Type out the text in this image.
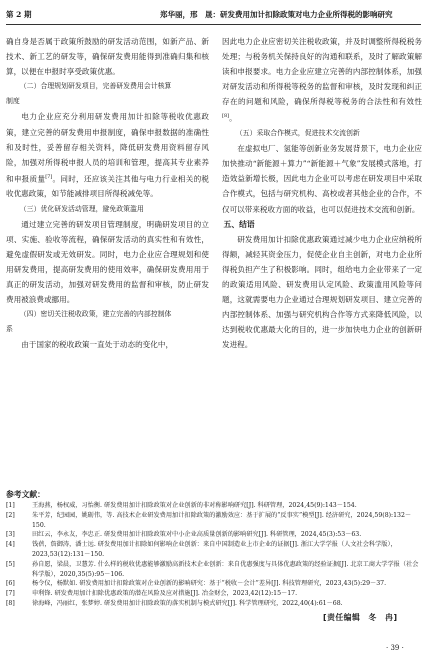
第 2 期	郑华丽，邢　晟：研发费用加计扣除政策对电力企业所得税的影响研究

确自身是否属于政策所鼓励的研发活动范围，如新产品、新技术、新工艺的研发等，确保研发费用能得到准确归集和核算，以便在申报时享受政策优惠。

（二）合理规划研发项目，完善研发费用会计核算

制度

电力企业应充分利用研发费用加计扣除等税收优惠政策，建立完善的研发费用申报制度，确保申报数据的准确性和及时性，妥善留存相关资料，降低研发费用资料留存风险，加强对所得税申报人员的培训和管理，提高其专业素养和申报质量[7]。同时，还应该关注其他与电力行业相关的税收优惠政策，如节能减排项目所得税减免等。

（三）优化研发活动管理，避免政策滥用

通过建立完善的研发项目管理制度，明确研发项目的立项、实施、验收等流程，确保研发活动的真实性和有效性，避免虚假研发或无效研发。同时，电力企业应合理规划和使用研发费用，提高研发费用的使用效率，确保研发费用用于真正的研发活动，加强对研发费用的监督和审核，防止研发费用被浪费或挪用。

（四）密切关注税收政策，建立完善的内部控制体

系

由于国家的税收政策一直处于动态的变化中，

因此电力企业应密切关注税收政策，并及时调整所得税税务处理；与税务机关保持良好的沟通和联系，及时了解政策解读和申报要求。电力企业应建立完善的内部控制体系，加强对研发活动和所得税等税务的监督和审核，及时发现和纠正存在的问题和风险，确保所得税等税务的合法性和有效性[8]。

（五）采取合作模式，促进技术交流创新

在虚拟电厂、氢能等创新业务发展背景下，电力企业应加快推动“新能源＋算力”“新能源＋气象”发展模式落地，打造效益新增长极，因此电力企业可以考虑在研发项目中采取合作模式，包括与研究机构、高校或者其他企业的合作，不仅可以带来税收方面的收益，也可以促进技术交流和创新。

五、结语

研发费用加计扣除优惠政策通过减少电力企业应纳税所得额，减轻其资金压力，促使企业自主创新，对电力企业所得税负担产生了积极影响。同时，组给电力企业带来了一定的政策适用风险、研发费用认定风险、政策滥用风险等问题，这就需要电力企业通过合理规划研发项目、建立完善的内部控制体系、加强与研究机构合作等方式来降低风险，以达到税收优惠最大化的目的，进一步加快电力企业的创新研发进程。

参考文献：
[1]	王海燕，杨权威，习怡衡. 研发费用加计扣除政策对企业创新的非对称影响研究[J]. 科研管理，2024,45(9):143－154.
[2]	朱平芳，纪园园，姚砺伟，等. 高技术企业研发费用加计扣除政策的激励效应：基于扩展的“反事实”模型[J]. 经济研究，2024,59(8):132－150.
[3]	田红云，李永友，李忠正. 研发费用加计扣除政策对中小企业高质量创新的影响研究[J]. 科研管理，2024,45(3):53－63.
[4]	钱蓓，詹御涛，潘士远. 研发费用加计扣除如何影响企业创新：来自中国制造业上市企业的证据[J]. 浙江大学学报（人文社会科学版），2023,53(12):131－150.
[5]	孙自愿，梁晨，卫慧芳. 什么样的税收优惠能够激励高新技术企业创新：来自优惠强度与具体优惠政策的经验证据[J]. 北京工商大学学报（社会科学版），2020,35(5):95－106.
[6]	杨令仪，杨默如. 研发费用加计扣除政策对企业创新的影响研究：基于“税收－会计”差异[J]. 科技管理研究，2023,43(5):29－37.
[7]	申利锋. 研发费用加计扣除优惠政策的潜在风险及应对措施[J]. 冶金财会，2023,42(12):15－17.
[8]	徐海峰，冯丽红，张梦婷. 研发费用加计扣除政策的落实机制与模式研究[J]. 科学管理研究，2022,40(4):61－68.
[责任编辑　冬　冉]
· 39 ·
